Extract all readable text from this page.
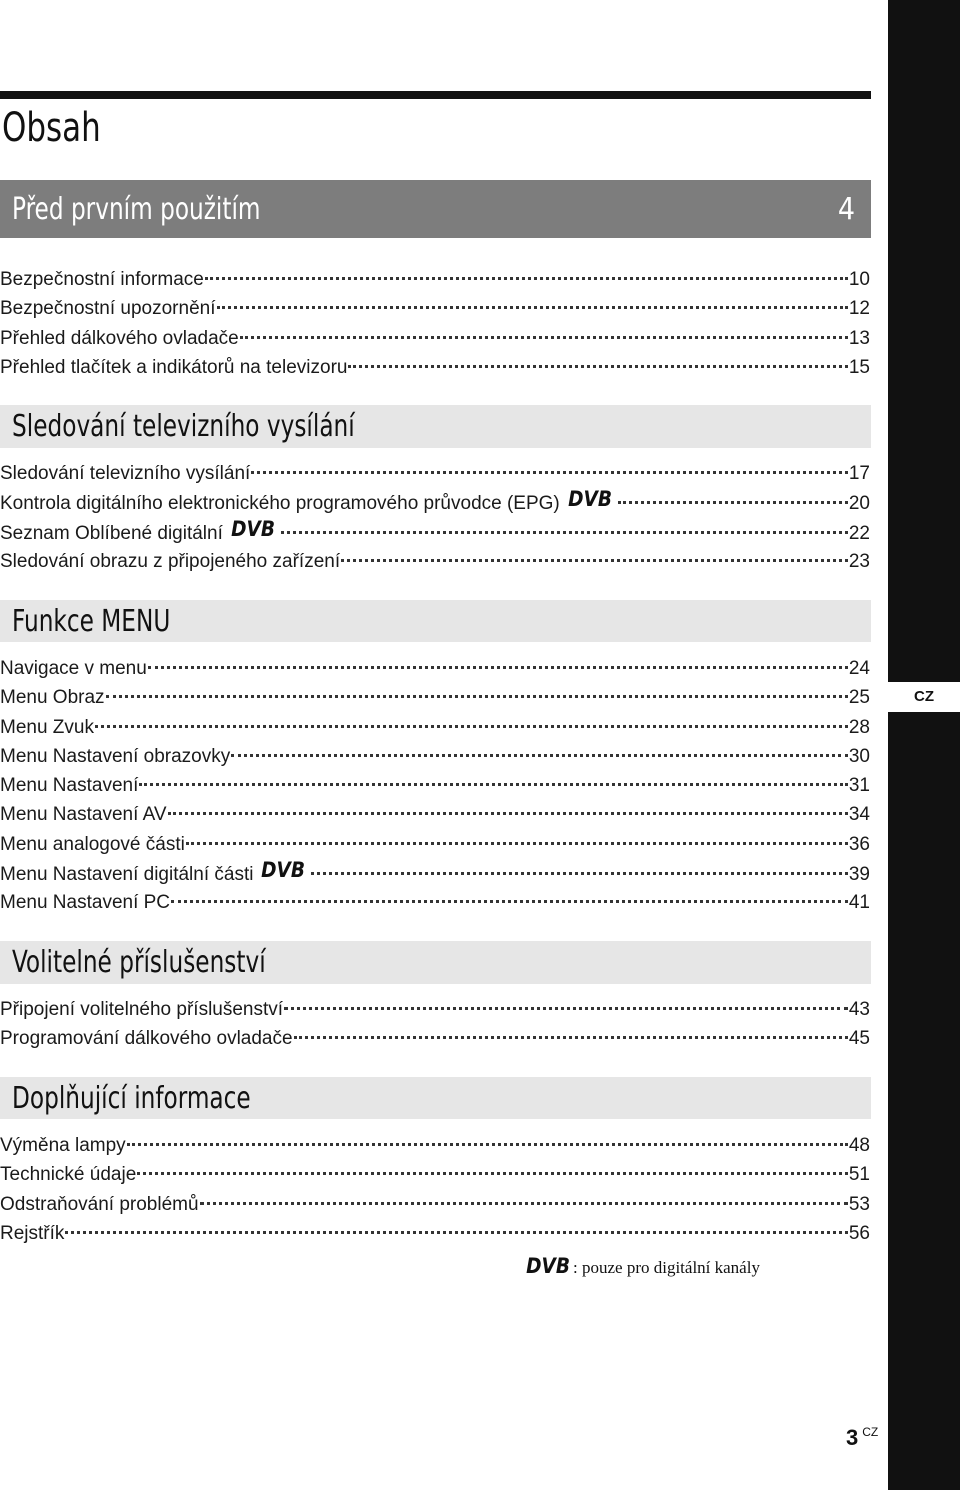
CZ
Obsah
Před prvním použitím	4
Bezpečnostní informace	10
Bezpečnostní upozornění	12
Přehled dálkového ovladače	13
Přehled tlačítek a indikátorů na televizoru	15
Sledování televizního vysílání
Sledování televizního vysílání	17
Kontrola digitálního elektronického programového průvodce (EPG) DVB	20
Seznam Oblíbené digitální DVB	22
Sledování obrazu z připojeného zařízení	23
Funkce MENU
Navigace v menu	24
Menu Obraz	25
Menu Zvuk	28
Menu Nastavení obrazovky	30
Menu Nastavení	31
Menu Nastavení AV	34
Menu analogové části	36
Menu Nastavení digitální části DVB	39
Menu Nastavení PC	41
Volitelné příslušenství
Připojení volitelného příslušenství	43
Programování dálkového ovladače	45
Doplňující informace
Výměna lampy	48
Technické údaje	51
Odstraňování problémů	53
Rejstřík	56
DVB : pouze pro digitální kanály
3 $^{CZ}$
